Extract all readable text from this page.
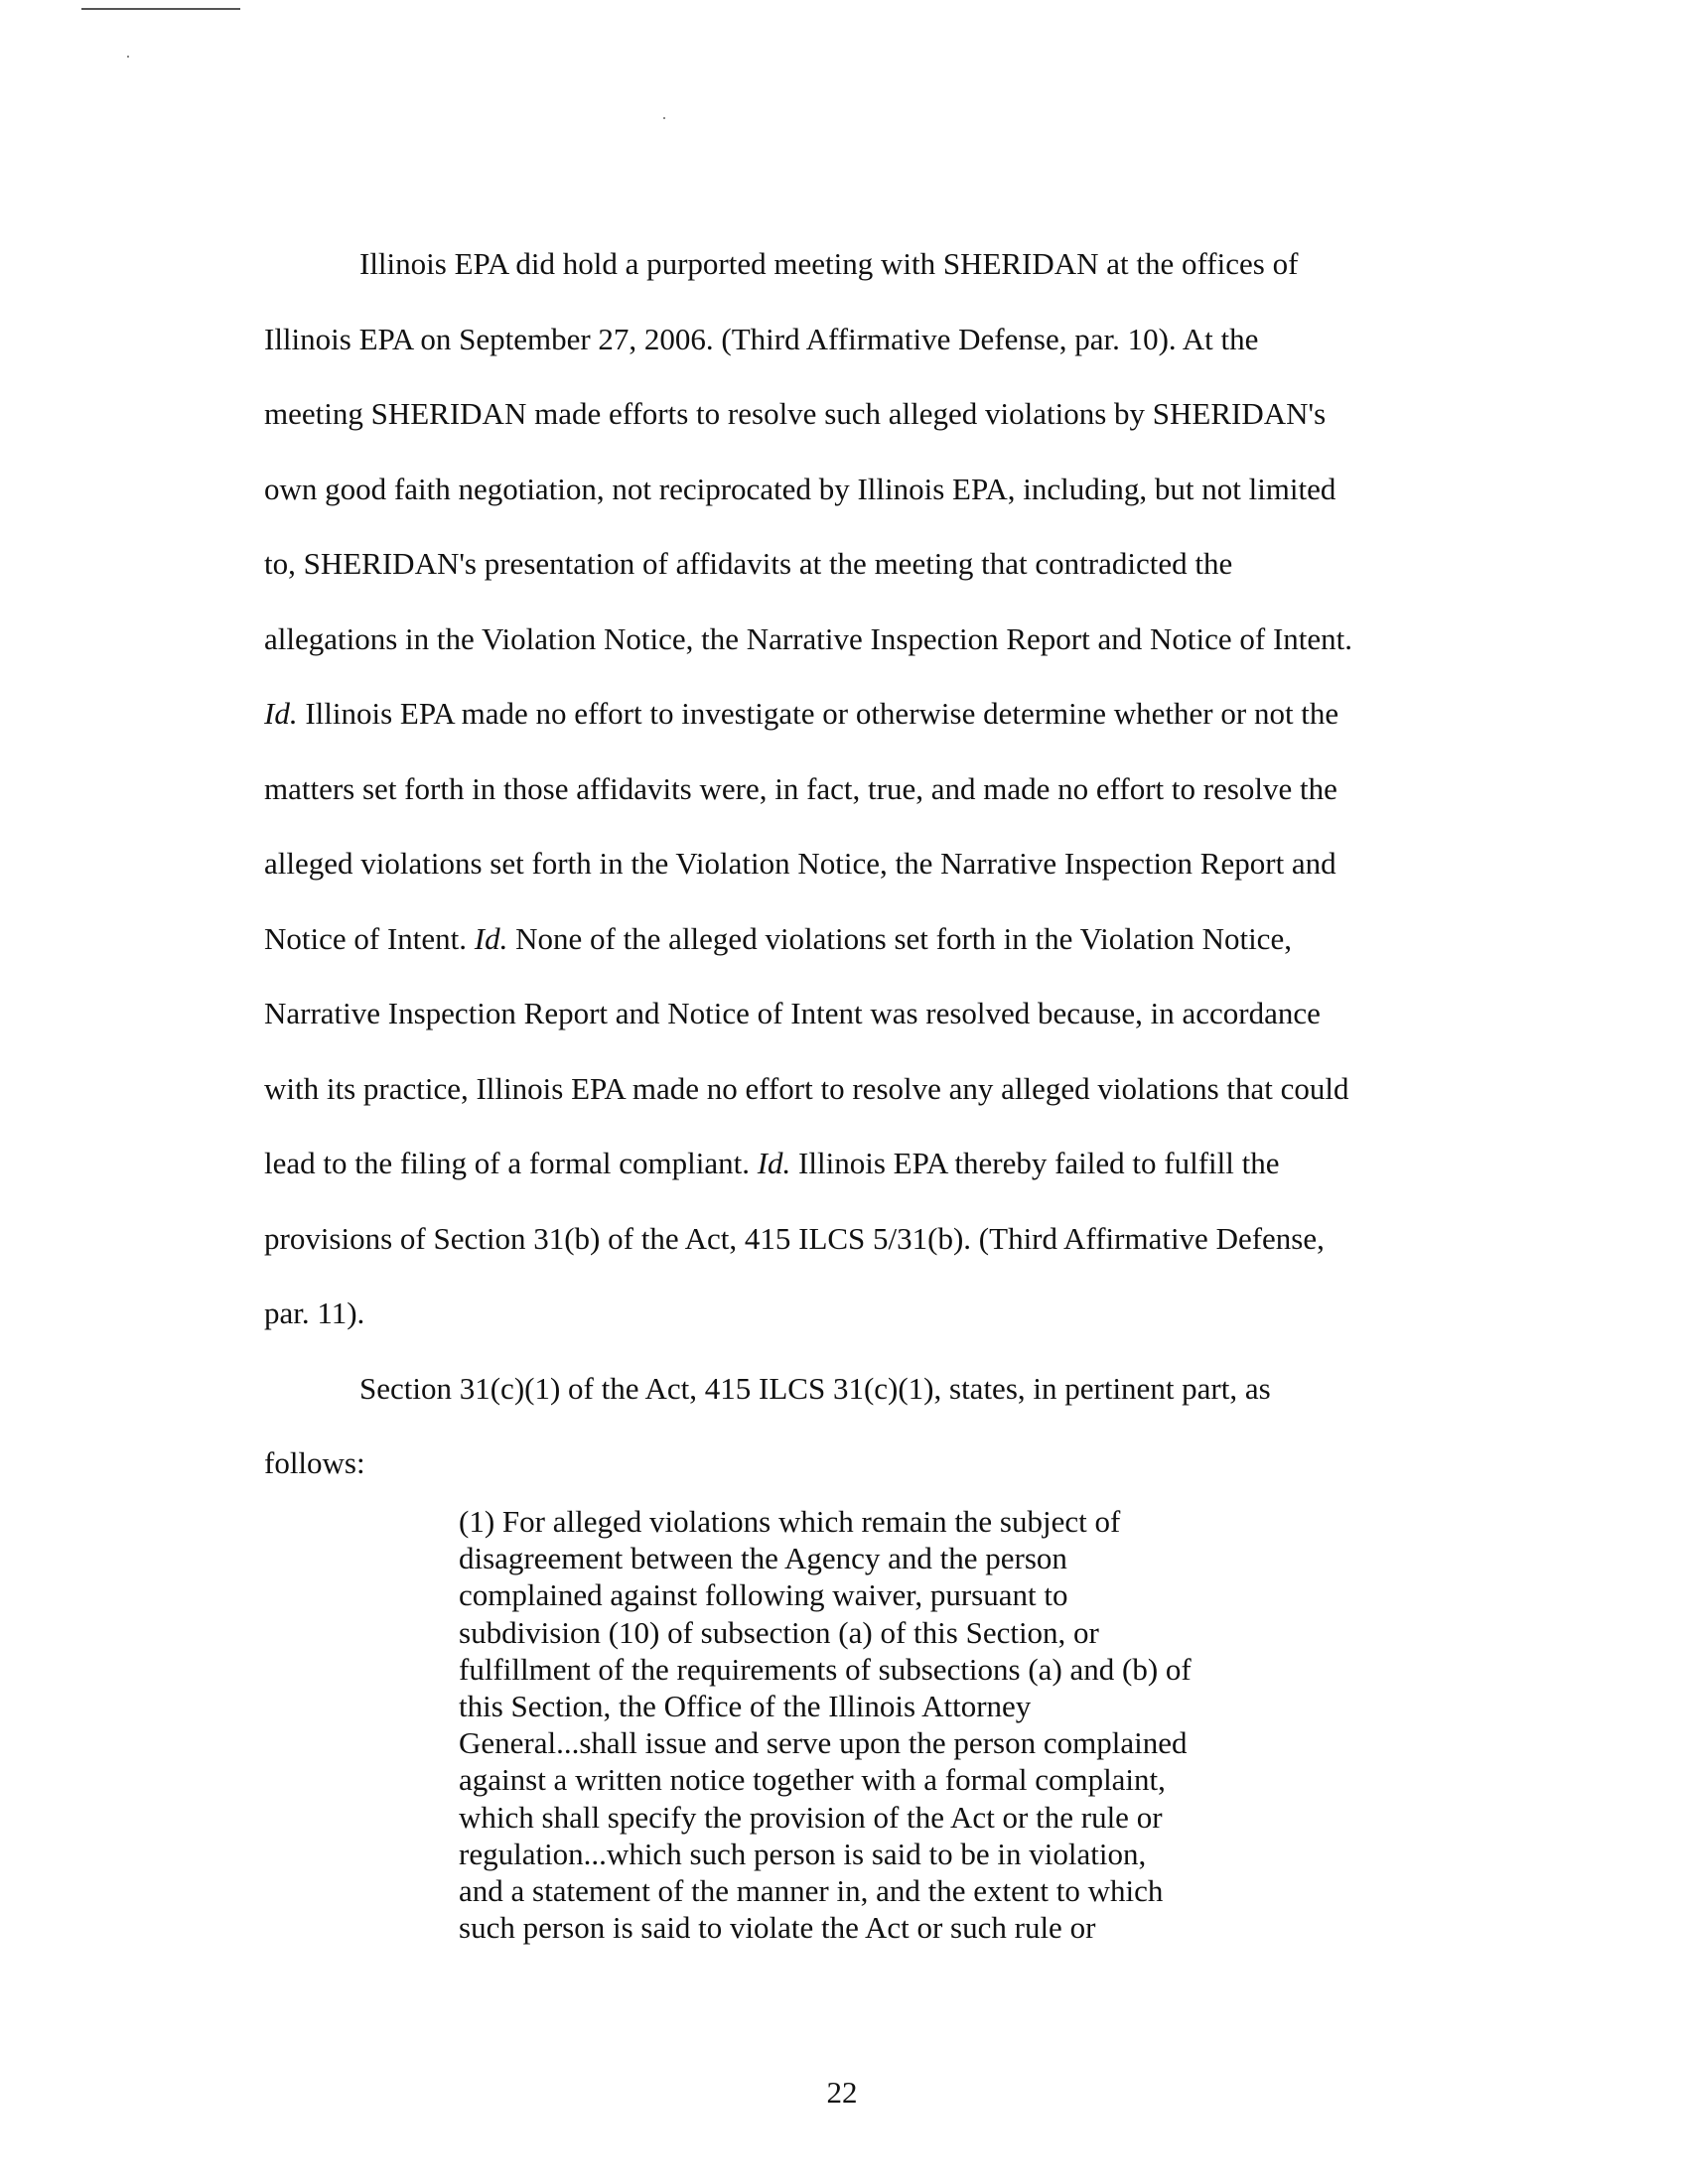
Illinois EPA did hold a purported meeting with SHERIDAN at the offices of
Illinois EPA on September 27, 2006. (Third Affirmative Defense, par. 10). At the
meeting SHERIDAN made efforts to resolve such alleged violations by SHERIDAN's
own good faith negotiation, not reciprocated by Illinois EPA, including, but not limited
to, SHERIDAN's presentation of affidavits at the meeting that contradicted the
allegations in the Violation Notice, the Narrative Inspection Report and Notice of Intent.
Id. Illinois EPA made no effort to investigate or otherwise determine whether or not the
matters set forth in those affidavits were, in fact, true, and made no effort to resolve the
alleged violations set forth in the Violation Notice, the Narrative Inspection Report and
Notice of Intent. Id. None of the alleged violations set forth in the Violation Notice,
Narrative Inspection Report and Notice of Intent was resolved because, in accordance
with its practice, Illinois EPA made no effort to resolve any alleged violations that could
lead to the filing of a formal compliant. Id. Illinois EPA thereby failed to fulfill the
provisions of Section 31(b) of the Act, 415 ILCS 5/31(b). (Third Affirmative Defense,
par. 11).
Section 31(c)(1) of the Act, 415 ILCS 31(c)(1), states, in pertinent part, as
follows:
(1) For alleged violations which remain the subject of
disagreement between the Agency and the person
complained against following waiver, pursuant to
subdivision (10) of subsection (a) of this Section, or
fulfillment of the requirements of subsections (a) and (b) of
this Section, the Office of the Illinois Attorney
General...shall issue and serve upon the person complained
against a written notice together with a formal complaint,
which shall specify the provision of the Act or the rule or
regulation...which such person is said to be in violation,
and a statement of the manner in, and the extent to which
such person is said to violate the Act or such rule or
22
